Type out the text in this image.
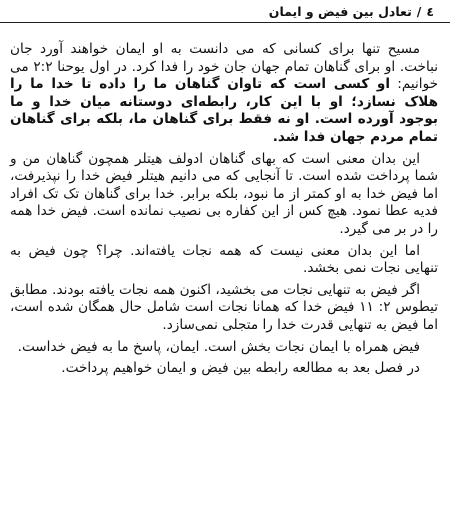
٤
/
تعادل بین فیض و ایمان

مسیح تنها برای کسانی که می دانست به او ایمان خواهند آورد جان نباخت. او برای گناهان تمام جهان جان خود را فدا کرد. در اول یوحنا ۲:۲ می خوانیم: او کسی است که تاوان گناهان ما را داده تا خدا ما را هلاک نسازد؛ او با این کار، رابطه‌ای دوستانه میان خدا و ما بوجود آورده است. او نه فقط برای گناهان ما، بلکه برای گناهان تمام مردم جهان فدا شد.

این بدان معنی است که بهای گناهان ادولف هیتلر همچون گناهان من و شما پرداخت شده است. تا آنجایی که می دانیم هیتلر فیض خدا را نپذیرفت، اما فیض خدا به او کمتر از ما نبود، بلکه برابر. خدا برای گناهان تک تک افراد فدیه عطا نمود. هیچ کس از این کفاره بی نصیب نمانده است. فیض خدا همه را در بر می گیرد.

اما این بدان معنی نیست که همه نجات یافته‌اند. چرا؟ چون فیض به تنهایی نجات نمی بخشد.

اگر فیض به تنهایی نجات می بخشید، اکنون همه نجات یافته بودند. مطابق تیطوس ۲: ۱۱ فیض خدا که همانا نجات است شامل حال همگان شده است، اما فیض به تنهایی قدرت خدا را متجلی نمی‌سازد.

فیض همراه با ایمان نجات بخش است. ایمان، پاسخ ما به فیض خداست.

در فصل بعد به مطالعه رابطه بین فیض و ایمان خواهیم پرداخت.
